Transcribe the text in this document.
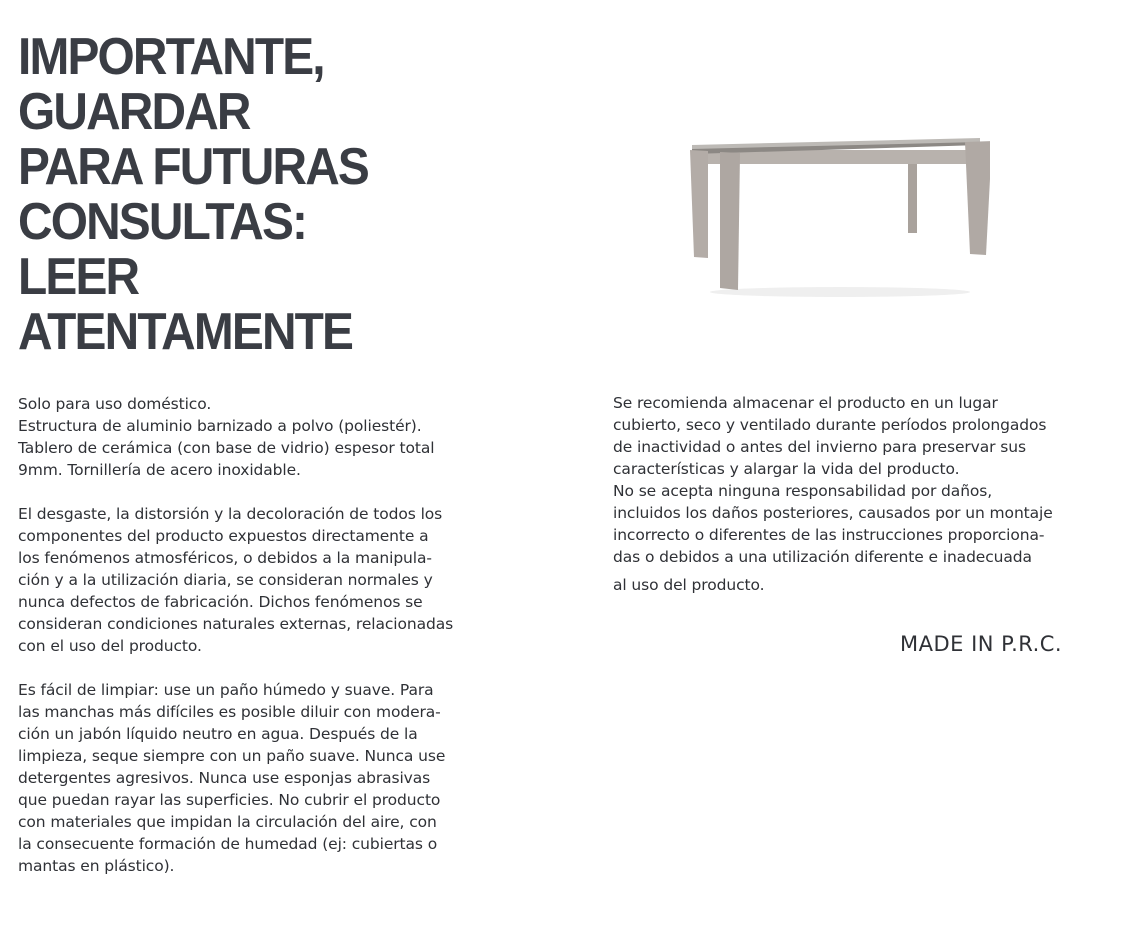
IMPORTANTE,
GUARDAR
PARA FUTURAS
CONSULTAS:
LEER
ATENTAMENTE
Solo para uso doméstico.
Estructura de aluminio barnizado a polvo (poliestér).
Tablero de cerámica (con base de vidrio) espesor total
9mm. Tornillería de acero inoxidable.
El desgaste, la distorsión y la decoloración de todos los
componentes del producto expuestos directamente a
los fenómenos atmosféricos, o debidos a la manipula-
ción y a la utilización diaria, se consideran normales y
nunca defectos de fabricación. Dichos fenómenos se
consideran condiciones naturales externas, relacionadas
con el uso del producto.
Es fácil de limpiar: use un paño húmedo y suave. Para
las manchas más difíciles es posible diluir con modera-
ción un jabón líquido neutro en agua. Después de la
limpieza, seque siempre con un paño suave. Nunca use
detergentes agresivos. Nunca use esponjas abrasivas
que puedan rayar las superficies. No cubrir el producto
con materiales que impidan la circulación del aire, con
la consecuente formación de humedad (ej: cubiertas o
mantas en plástico).
Se recomienda almacenar el producto en un lugar
cubierto, seco y ventilado durante períodos prolongados
de inactividad o antes del invierno para preservar sus
características y alargar la vida del producto.
No se acepta ninguna responsabilidad por daños,
incluidos los daños posteriores, causados por un montaje
incorrecto o diferentes de las instrucciones proporciona-
das o debidos a una utilización diferente e inadecuada
al uso del producto.
MADE IN P.R.C.
